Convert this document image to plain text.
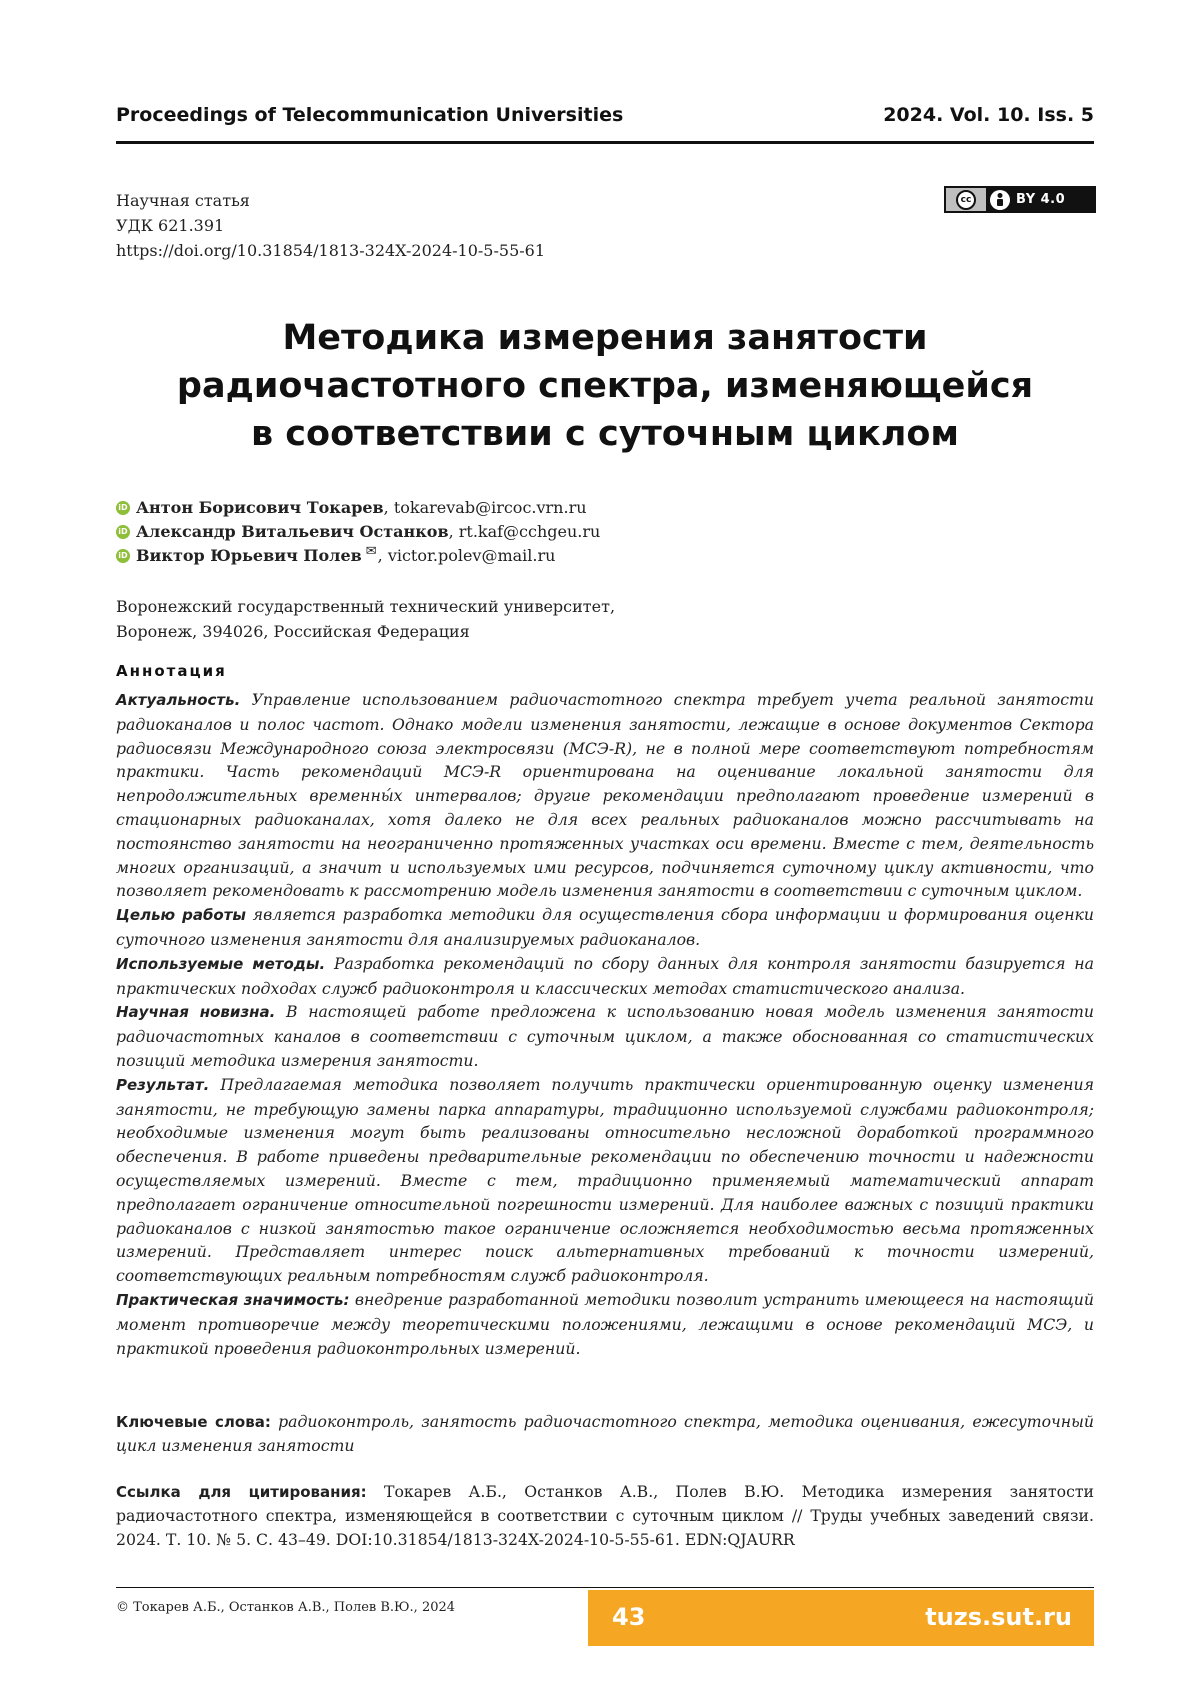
Proceedings of Telecommunication Universities	2024. Vol. 10. Iss. 5
Научная статья
УДК 621.391
https://doi.org/10.31854/1813-324X-2024-10-5-55-61
cc	BY 4.0
Методика измерения занятости
радиочастотного спектра, изменяющейся
в соответствии с суточным циклом
iD Антон Борисович Токарев , tokarevab@ircoc.vrn.ru
iD Александр Витальевич Останков , rt.kaf@cchgeu.ru
iD Виктор Юрьевич Полев ✉ , victor.polev@mail.ru
Воронежский государственный технический университет,
Воронеж, 394026, Российская Федерация
Аннотация

Актуальность. Управление использованием радиочастотного спектра требует учета реальной занятости радиоканалов и полос частот. Однако модели изменения занятости, лежащие в основе документов Сектора радиосвязи Международного союза электросвязи (МСЭ-R), не в полной мере соответствуют потребностям практики. Часть рекомендаций МСЭ-R ориентирована на оценивание локальной занятости для непродолжительных временны́х интервалов; другие рекомендации предполагают проведение измерений в стационарных радиоканалах, хотя далеко не для всех реальных радиоканалов можно рассчитывать на постоянство занятости на неограниченно протяженных участках оси времени. Вместе с тем, деятельность многих организаций, а значит и используемых ими ресурсов, подчиняется суточному циклу активности, что позволяет рекомендовать к рассмотрению модель изменения занятости в соответствии с суточным циклом.

Целью работы является разработка методики для осуществления сбора информации и формирования оценки суточного изменения занятости для анализируемых радиоканалов.

Используемые методы. Разработка рекомендаций по сбору данных для контроля занятости базируется на практических подходах служб радиоконтроля и классических методах статистического анализа.

Научная новизна. В настоящей работе предложена к использованию новая модель изменения занятости радиочастотных каналов в соответствии с суточным циклом, а также обоснованная со статистических позиций методика измерения занятости.

Результат. Предлагаемая методика позволяет получить практически ориентированную оценку изменения занятости, не требующую замены парка аппаратуры, традиционно используемой службами радиоконтроля; необходимые изменения могут быть реализованы относительно несложной доработкой программного обеспечения. В работе приведены предварительные рекомендации по обеспечению точности и надежности осуществляемых измерений. Вместе с тем, традиционно применяемый математический аппарат предполагает ограничение относительной погрешности измерений. Для наиболее важных с позиций практики радиоканалов с низкой занятостью такое ограничение осложняется необходимостью весьма протяженных измерений. Представляет интерес поиск альтернативных требований к точности измерений, соответствующих реальным потребностям служб радиоконтроля.

Практическая значимость: внедрение разработанной методики позволит устранить имеющееся на настоящий момент противоречие между теоретическими положениями, лежащими в основе рекомендаций МСЭ, и практикой проведения радиоконтрольных измерений.

Ключевые слова: радиоконтроль, занятость радиочастотного спектра, методика оценивания, ежесуточный цикл изменения занятости
Ссылка для цитирования: Токарев А.Б., Останков А.В., Полев В.Ю. Методика измерения занятости радиочастотного спектра, изменяющейся в соответствии с суточным циклом // Труды учебных заведений связи. 2024. Т. 10. № 5. С. 43–49. DOI:10.31854/1813-324X-2024-10-5-55-61. EDN:QJAURR
© Токарев А.Б., Останков А.В., Полев В.Ю., 2024	43	tuzs.sut.ru
